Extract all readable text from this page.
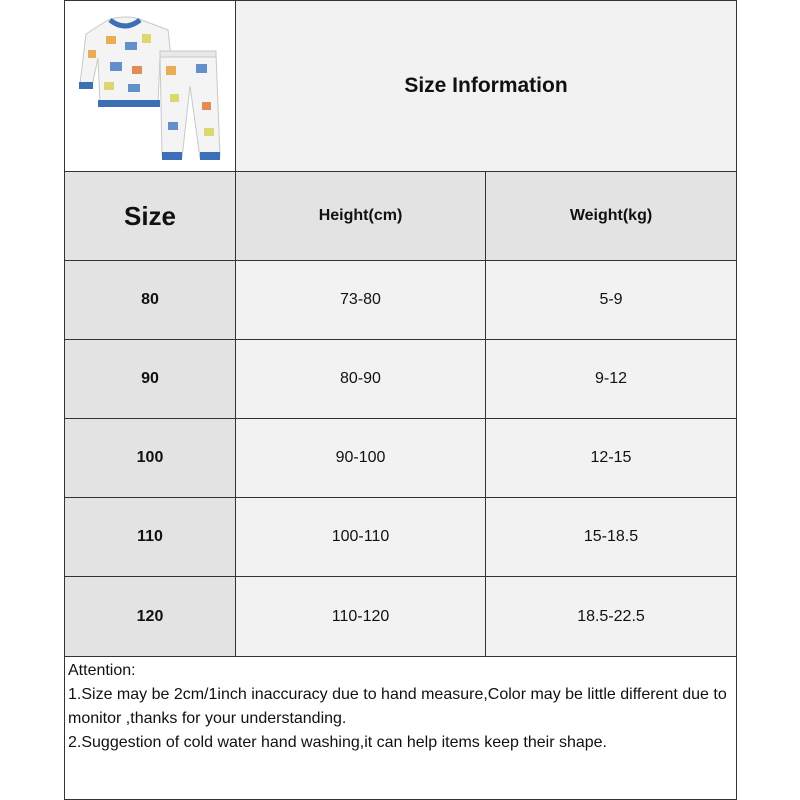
Size Information
Size	Height(cm)	Weight(kg)
80	73-80	5-9
90	80-90	9-12
100	90-100	12-15
110	100-110	15-18.5
120	110-120	18.5-22.5

Attention:

1.Size may be 2cm/1inch inaccuracy due to hand measure,Color may be little different due to monitor ,thanks for your understanding.

2.Suggestion of cold water hand washing,it can help items keep their shape.
